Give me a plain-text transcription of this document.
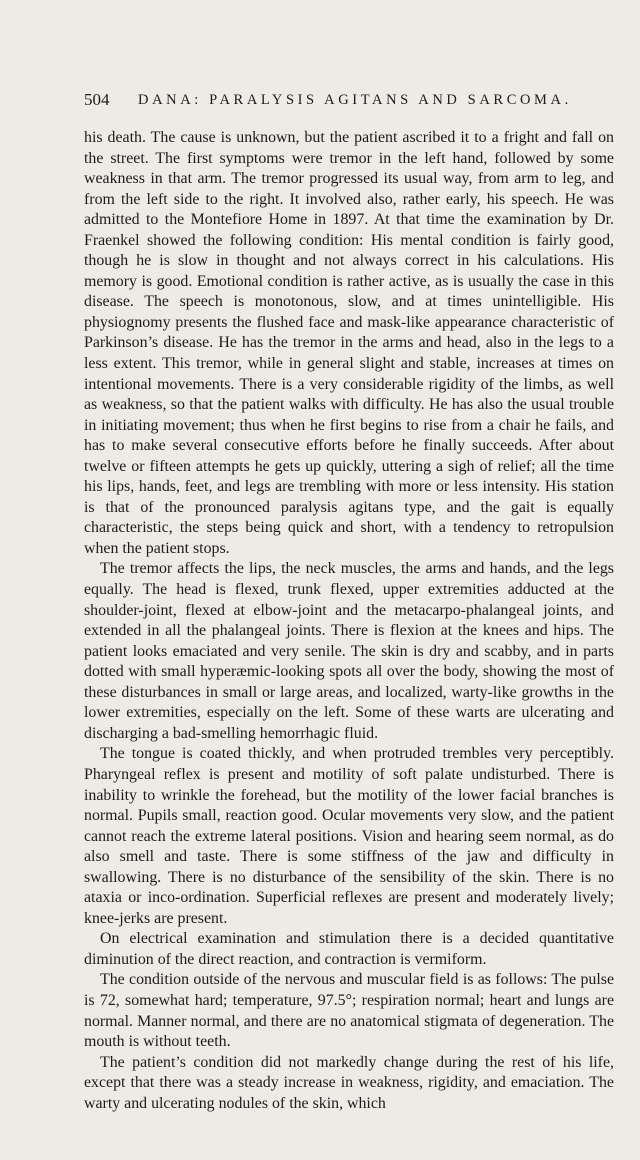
504 DANA: PARALYSIS AGITANS AND SARCOMA.

his death. The cause is unknown, but the patient ascribed it to a fright and fall on the street. The first symptoms were tremor in the left hand, followed by some weakness in that arm. The tremor progressed its usual way, from arm to leg, and from the left side to the right. It involved also, rather early, his speech. He was admitted to the Montefiore Home in 1897. At that time the examination by Dr. Fraenkel showed the following condition: His mental condition is fairly good, though he is slow in thought and not always correct in his calculations. His memory is good. Emotional condition is rather active, as is usually the case in this disease. The speech is monotonous, slow, and at times unintelligible. His physiognomy presents the flushed face and mask-like appearance characteristic of Parkinson’s disease. He has the tremor in the arms and head, also in the legs to a less extent. This tremor, while in general slight and stable, increases at times on intentional movements. There is a very considerable rigidity of the limbs, as well as weakness, so that the patient walks with difficulty. He has also the usual trouble in initiating movement; thus when he first begins to rise from a chair he fails, and has to make several consecutive efforts before he finally succeeds. After about twelve or fifteen attempts he gets up quickly, uttering a sigh of relief; all the time his lips, hands, feet, and legs are trembling with more or less intensity. His station is that of the pronounced paralysis agitans type, and the gait is equally characteristic, the steps being quick and short, with a tendency to retropulsion when the patient stops.

The tremor affects the lips, the neck muscles, the arms and hands, and the legs equally. The head is flexed, trunk flexed, upper extremities adducted at the shoulder-joint, flexed at elbow-joint and the metacarpo-phalangeal joints, and extended in all the phalangeal joints. There is flexion at the knees and hips. The patient looks emaciated and very senile. The skin is dry and scabby, and in parts dotted with small hyperæmic-looking spots all over the body, showing the most of these disturbances in small or large areas, and localized, warty-like growths in the lower extremities, especially on the left. Some of these warts are ulcerating and discharging a bad-smelling hemorrhagic fluid.

The tongue is coated thickly, and when protruded trembles very perceptibly. Pharyngeal reflex is present and motility of soft palate undisturbed. There is inability to wrinkle the forehead, but the motility of the lower facial branches is normal. Pupils small, reaction good. Ocular movements very slow, and the patient cannot reach the extreme lateral positions. Vision and hearing seem normal, as do also smell and taste. There is some stiffness of the jaw and difficulty in swallowing. There is no disturbance of the sensibility of the skin. There is no ataxia or inco-ordination. Superficial reflexes are present and moderately lively; knee-jerks are present.

On electrical examination and stimulation there is a decided quantitative diminution of the direct reaction, and contraction is vermiform.

The condition outside of the nervous and muscular field is as follows: The pulse is 72, somewhat hard; temperature, 97.5°; respiration normal; heart and lungs are normal. Manner normal, and there are no anatomical stigmata of degeneration. The mouth is without teeth.

The patient’s condition did not markedly change during the rest of his life, except that there was a steady increase in weakness, rigidity, and emaciation. The warty and ulcerating nodules of the skin, which
